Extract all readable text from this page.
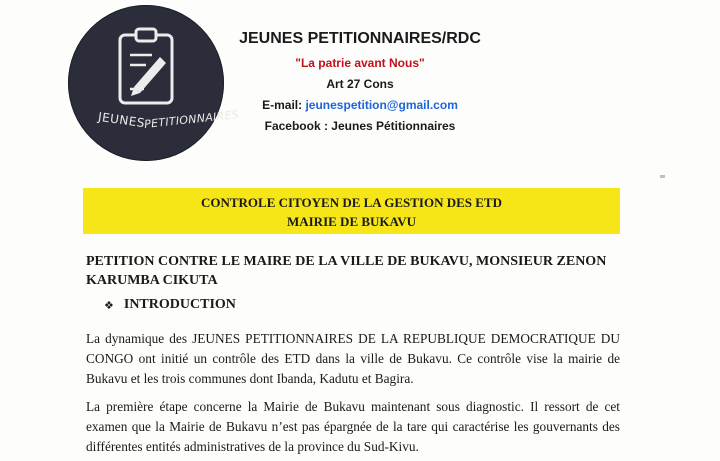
JEUNES
PETITIONNAIRES
JEUNES PETITIONNAIRES/RDC
"La patrie avant Nous"
Art 27 Cons
E-mail: jeunespetition@gmail.com
Facebook : Jeunes Pétitionnaires
CONTROLE CITOYEN DE LA GESTION DES ETD
MAIRIE DE BUKAVU

PETITION CONTRE LE MAIRE DE LA VILLE DE BUKAVU, MONSIEUR ZENON KARUMBA CIKUTA

❖ INTRODUCTION

La dynamique des JEUNES PETITIONNAIRES DE LA REPUBLIQUE DEMOCRATIQUE DU CONGO ont initié un contrôle des ETD dans la ville de Bukavu. Ce contrôle vise la mairie de Bukavu et les trois communes dont Ibanda, Kadutu et Bagira.

La première étape concerne la Mairie de Bukavu maintenant sous diagnostic. Il ressort de cet examen que la Mairie de Bukavu n’est pas épargnée de la tare qui caractérise les gouvernants des différentes entités administratives de la province du Sud-Kivu.
